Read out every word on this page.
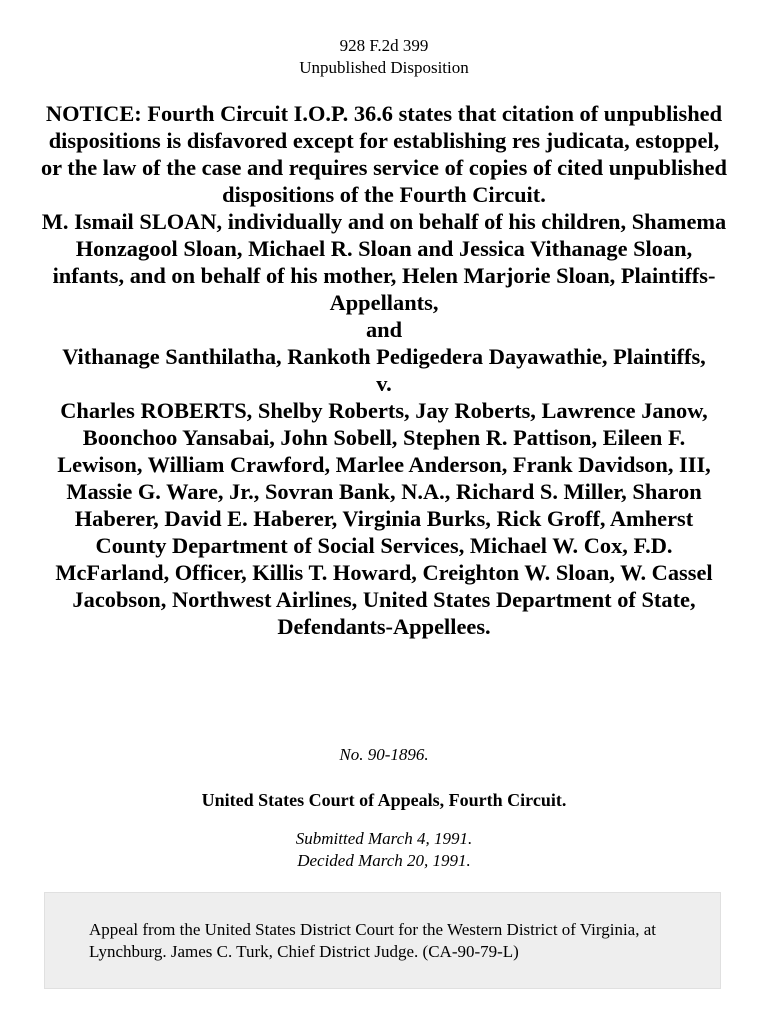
928 F.2d 399
Unpublished Disposition
NOTICE: Fourth Circuit I.O.P. 36.6 states that citation of unpublished dispositions is disfavored except for establishing res judicata, estoppel, or the law of the case and requires service of copies of cited unpublished dispositions of the Fourth Circuit.
M. Ismail SLOAN, individually and on behalf of his children, Shamema Honzagool Sloan, Michael R. Sloan and Jessica Vithanage Sloan, infants, and on behalf of his mother, Helen Marjorie Sloan, Plaintiffs-Appellants,
and
Vithanage Santhilatha, Rankoth Pedigedera Dayawathie, Plaintiffs,
v.
Charles ROBERTS, Shelby Roberts, Jay Roberts, Lawrence Janow, Boonchoo Yansabai, John Sobell, Stephen R. Pattison, Eileen F. Lewison, William Crawford, Marlee Anderson, Frank Davidson, III, Massie G. Ware, Jr., Sovran Bank, N.A., Richard S. Miller, Sharon Haberer, David E. Haberer, Virginia Burks, Rick Groff, Amherst County Department of Social Services, Michael W. Cox, F.D. McFarland, Officer, Killis T. Howard, Creighton W. Sloan, W. Cassel Jacobson, Northwest Airlines, United States Department of State, Defendants-Appellees.
No. 90-1896.
United States Court of Appeals, Fourth Circuit.
Submitted March 4, 1991.
Decided March 20, 1991.
Appeal from the United States District Court for the Western District of Virginia, at Lynchburg. James C. Turk, Chief District Judge. (CA-90-79-L)
